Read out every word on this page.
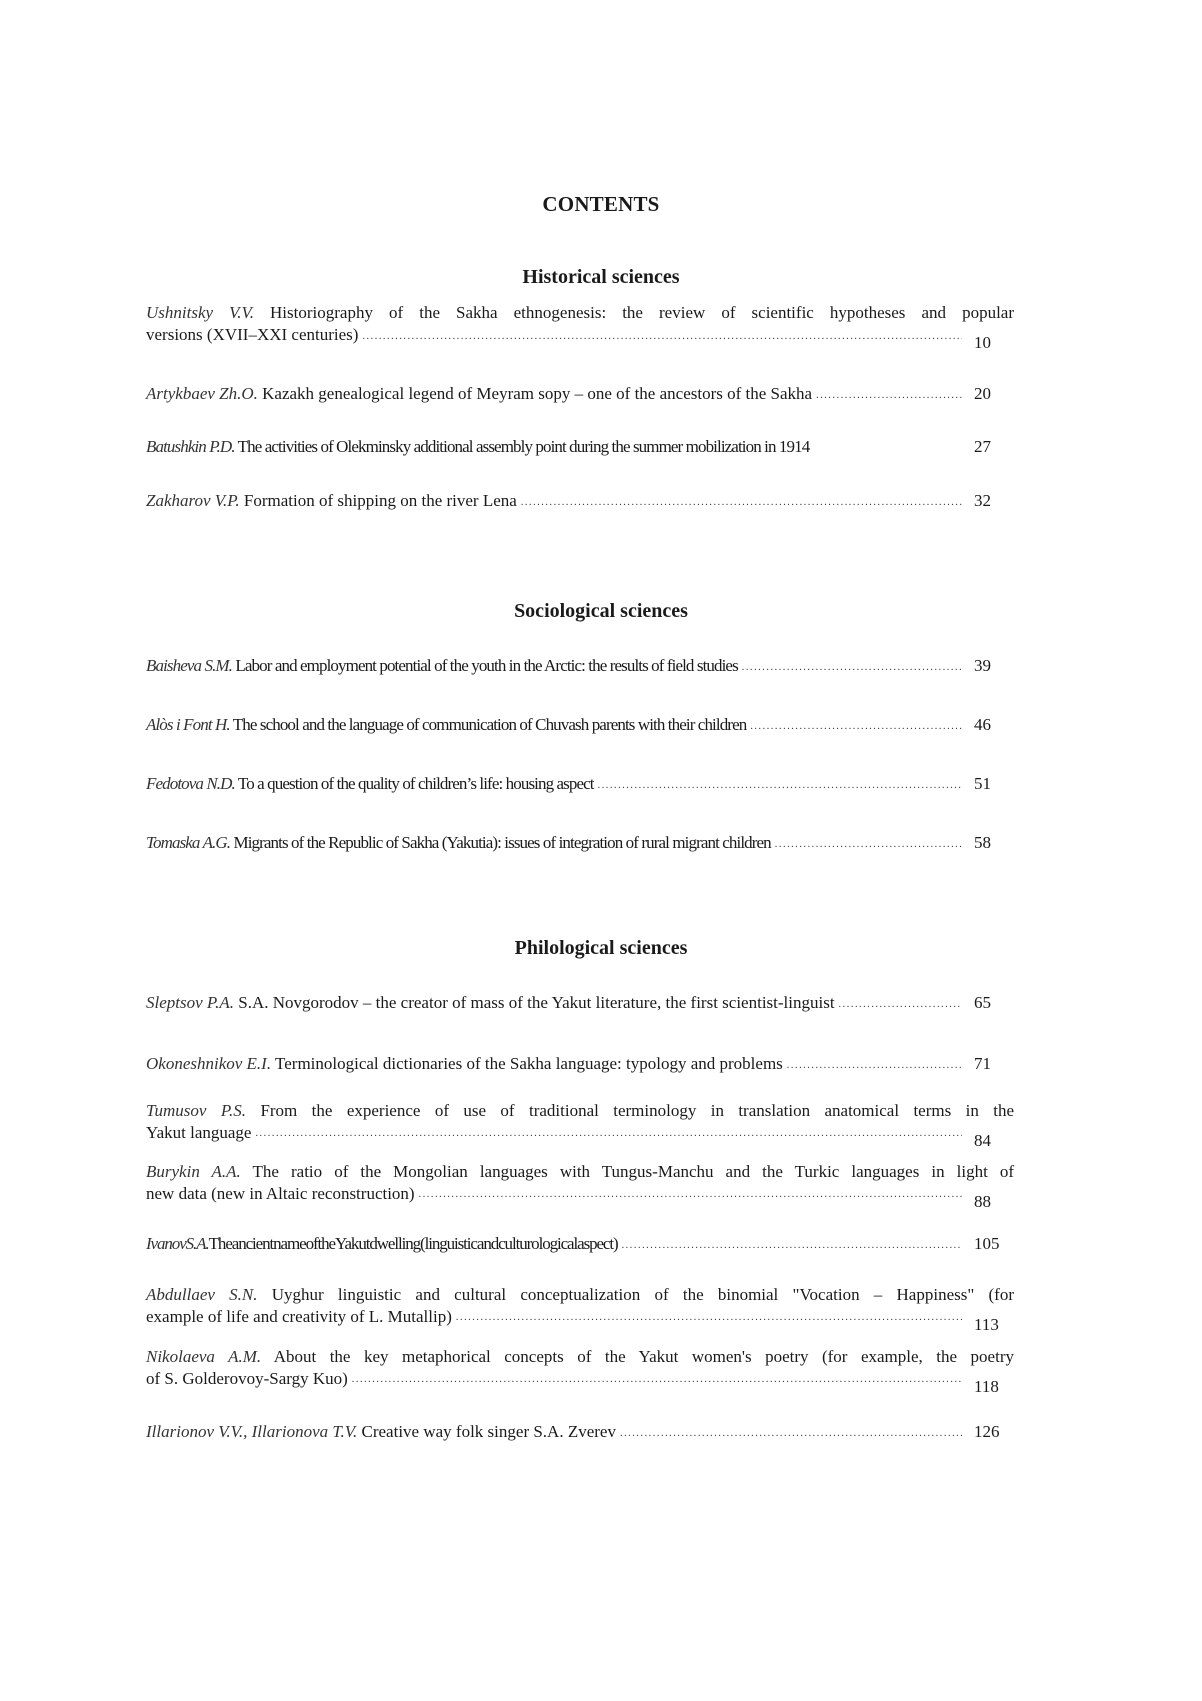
CONTENTS
Historical sciences
Ushnitsky V.V. Historiography of the Sakha ethnogenesis: the review of scientific hypotheses and popular
versions (XVII–XXI centuries) .....	10
Artykbaev Zh.O. Kazakh genealogical legend of Meyram sopy – one of the ancestors of the Sakha .....	20
Batushkin P.D. The activities of Olekminsky additional assembly point during the summer mobilization in 1914	27
Zakharov V.P. Formation of shipping on the river Lena .....	32
Sociological sciences
Baisheva S.M. Labor and employment potential of the youth in the Arctic: the results of field studies .....	39
Alòs i Font H. The school and the language of communication of Chuvash parents with their children .....	46
Fedotova N.D. To a question of the quality of children’s life: housing aspect .....	51
Tomaska A.G. Migrants of the Republic of Sakha (Yakutia): issues of integration of rural migrant children .....	58
Philological sciences
Sleptsov P.A. S.A. Novgorodov – the creator of mass of the Yakut literature, the first scientist-linguist .....	65
Okoneshnikov E.I. Terminological dictionaries of the Sakha language: typology and problems .....	71
Tumusov P.S. From the experience of use of traditional terminology in translation anatomical terms in the
Yakut language .....	84
Burykin A.A. The ratio of the Mongolian languages with Tungus-Manchu and the Turkic languages in light of
new data (new in Altaic reconstruction) .....	88
IvanovS.A.TheancientnameoftheYakutdwelling(linguisticandculturologicalaspect) .....	105
Abdullaev S.N. Uyghur linguistic and cultural conceptualization of the binomial "Vocation – Happiness" (for
example of life and creativity of L. Mutallip) .....	113
Nikolaeva A.M. About the key metaphorical concepts of the Yakut women's poetry (for example, the poetry
of S. Golderovoy-Sargy Kuo) .....	118
Illarionov V.V., Illarionova T.V. Creative way folk singer S.A. Zverev .....	126
